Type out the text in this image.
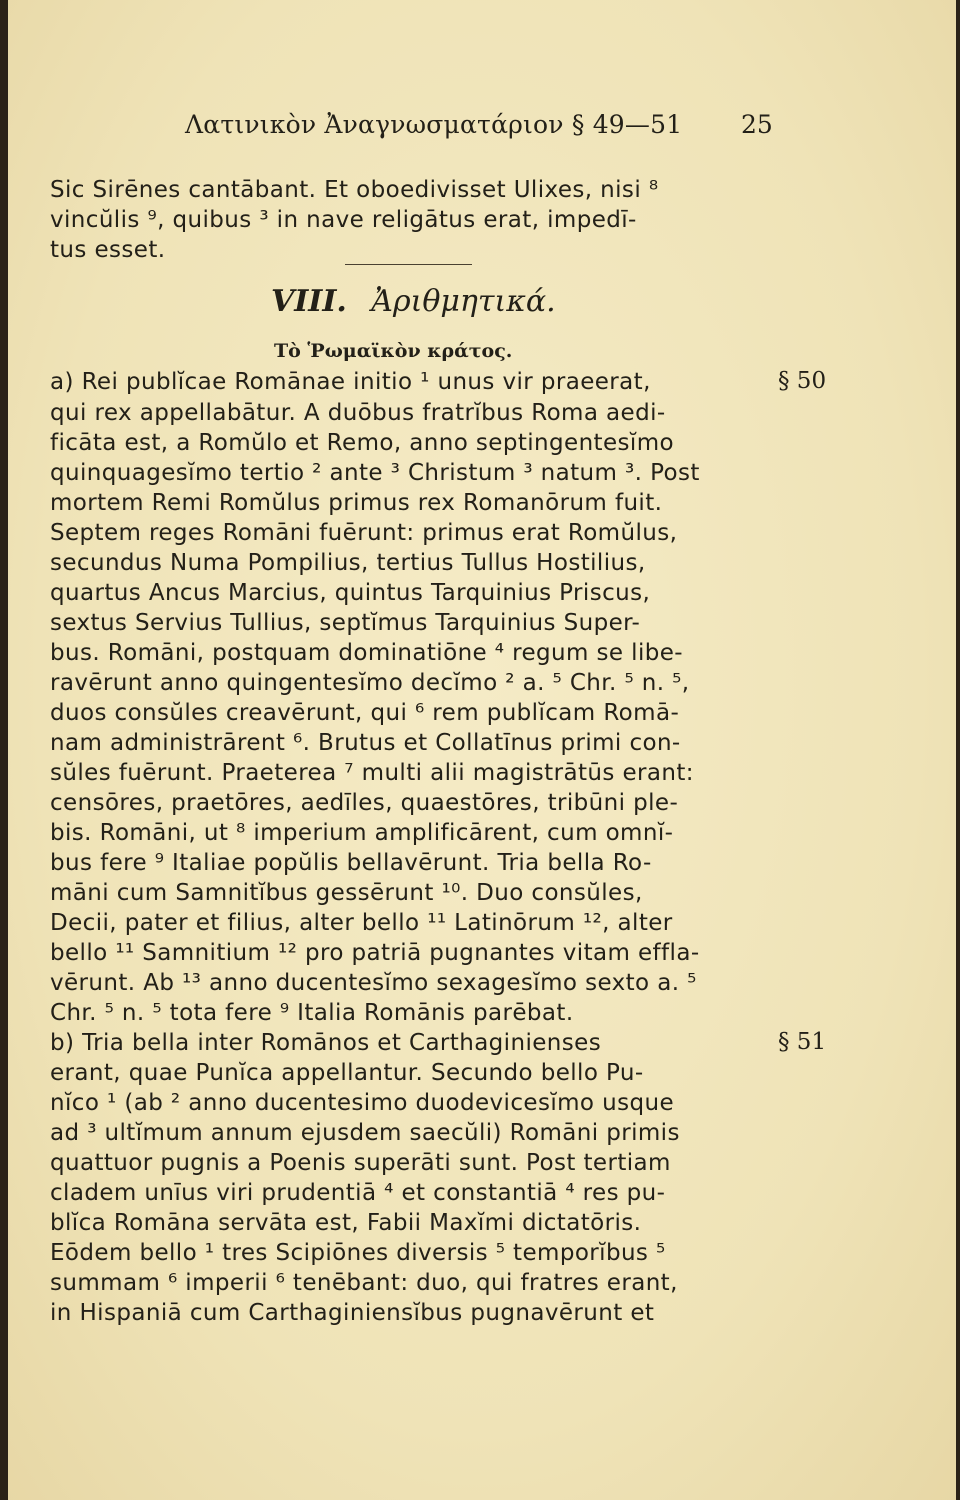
Λατινικὸν Ἀναγνωσματάριον § 49—51 25
Sic Sirēnes cantābant. Et oboedivisset Ulixes, nisi ⁸
vincŭlis ⁹, quibus ³ in nave religātus erat, impedī-
tus esset.
VIII. Ἀριθμητικά.
Τὸ Ῥωμαϊκὸν κράτος.
a) Rei publĭcae Romānae initio ¹ unus vir praeerat,	§ 50
qui rex appellabātur. A duōbus fratrĭbus Roma aedi-
ficāta est, a Romŭlo et Remo, anno septingentesĭmo
quinquagesĭmo tertio ² ante ³ Christum ³ natum ³. Post
mortem Remi Romŭlus primus rex Romanōrum fuit.
Septem reges Romāni fuērunt: primus erat Romŭlus,
secundus Numa Pompilius, tertius Tullus Hostilius,
quartus Ancus Marcius, quintus Tarquinius Priscus,
sextus Servius Tullius, septĭmus Tarquinius Super-
bus. Romāni, postquam dominatiōne ⁴ regum se libe-
ravērunt anno quingentesĭmo decĭmo ² a. ⁵ Chr. ⁵ n. ⁵,
duos consŭles creavērunt, qui ⁶ rem publĭcam Romā-
nam administrārent ⁶. Brutus et Collatīnus primi con-
sŭles fuērunt. Praeterea ⁷ multi alii magistrātūs erant:
censōres, praetōres, aedīles, quaestōres, tribūni ple-
bis. Romāni, ut ⁸ imperium amplificārent, cum omnĭ-
bus fere ⁹ Italiae popŭlis bellavērunt. Tria bella Ro-
māni cum Samnitĭbus gessērunt ¹⁰. Duo consŭles,
Decii, pater et filius, alter bello ¹¹ Latinōrum ¹², alter
bello ¹¹ Samnitium ¹² pro patriā pugnantes vitam effla-
vērunt. Ab ¹³ anno ducentesĭmo sexagesĭmo sexto a. ⁵
Chr. ⁵ n. ⁵ tota fere ⁹ Italia Romānis parēbat.
b) Tria bella inter Romānos et Carthaginienses	§ 51
erant, quae Punĭca appellantur. Secundo bello Pu-
nĭco ¹ (ab ² anno ducentesimo duodevicesĭmo usque
ad ³ ultĭmum annum ejusdem saecŭli) Romāni primis
quattuor pugnis a Poenis superāti sunt. Post tertiam
cladem unīus viri prudentiā ⁴ et constantiā ⁴ res pu-
blĭca Romāna servāta est, Fabii Maxĭmi dictatōris.
Eōdem bello ¹ tres Scipiōnes diversis ⁵ temporĭbus ⁵
summam ⁶ imperii ⁶ tenēbant: duo, qui fratres erant,
in Hispaniā cum Carthaginiensĭbus pugnavērunt et
